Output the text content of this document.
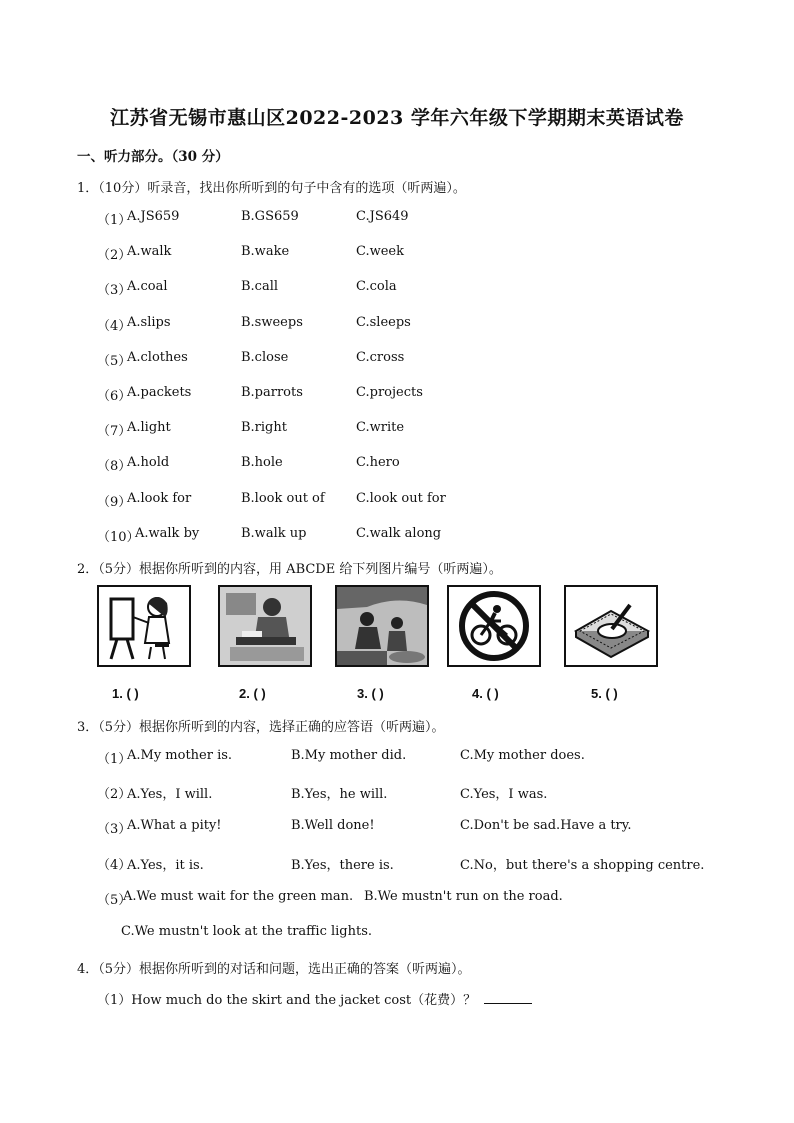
江苏省无锡市惠山区2022-2023 学年六年级下学期期末英语试卷
一、听力部分。（30 分）
1．（10分）听录音，找出你所听到的句子中含有的选项（听两遍）。
（1）
A.JS659	B.GS659	C.JS649
（2）
A.walk	B.wake	C.week
（3）
A.coal	B.call	C.cola
（4）
A.slips	B.sweeps	C.sleeps
（5）
A.clothes	B.close	C.cross
（6）
A.packets	B.parrots	C.projects
（7）
A.light	B.right	C.write
（8）
A.hold	B.hole	C.hero
（9）
A.look for	B.look out of C.look out for
（10）
A.walk by	B.walk up	C.walk along
2．（5分）根据你所听到的内容，用 ABCDE 给下列图片编号（听两遍）。
1. ( )	2. ( )	3. ( )	4. ( )	5. ( )
3．（5分）根据你所听到的内容，选择正确的应答语（听两遍）。
（1）
A.My mother is.	B.My mother did.	C.My mother does.
（2）
A.Yes，I will.	B.Yes，he will.	C.Yes，I was.
（3）
A.What a pity!	B.Well done!	C.Don't be sad.Have a try.
（4）
A.Yes，it is.	B.Yes，there is.	C.No，but there's a shopping centre.
（5）
A.We must wait for the green man. B.We mustn't run on the road.
C.We mustn't look at the traffic lights.
4．（5分）根据你所听到的对话和问题，选出正确的答案（听两遍）。
（1）How much do the skirt and the jacket cost（花费）？
